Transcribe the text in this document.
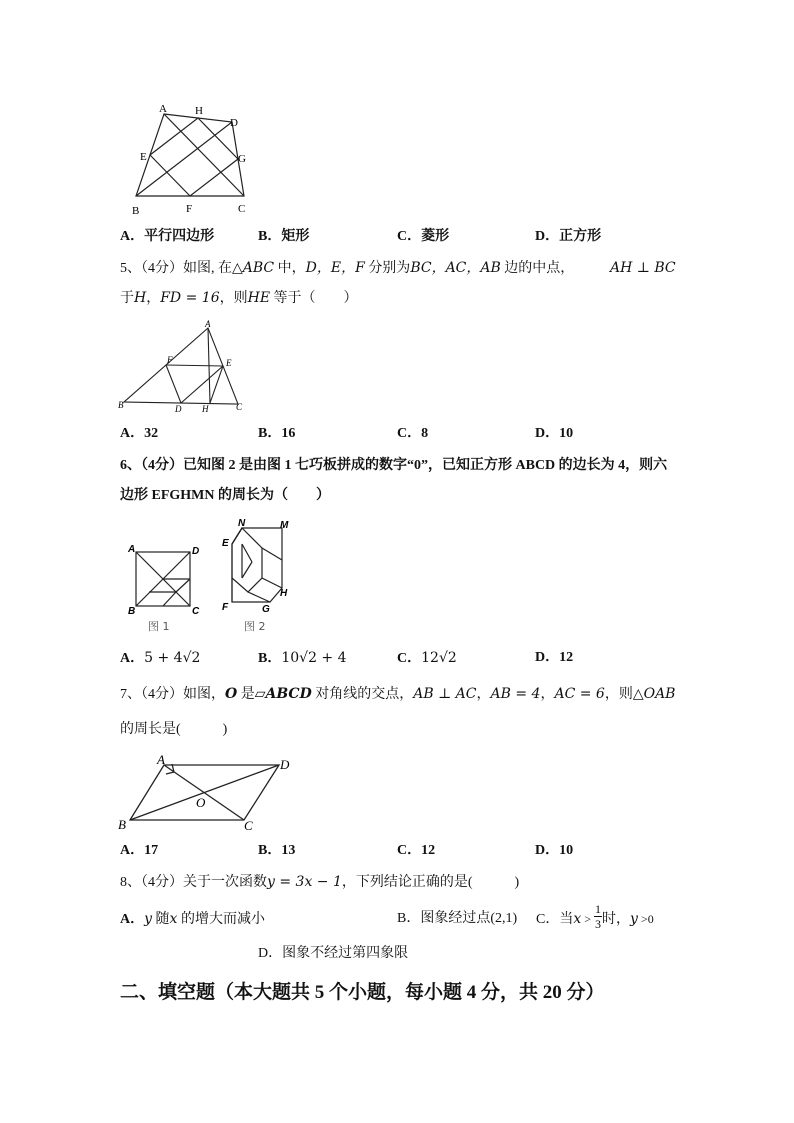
A	H
D
E	G
B	F	C
A．平行四边形	B．矩形	C．菱形	D．正方形
5、（4分）如图, 在△ABC 中，D，E，F 分别为BC，AC，AB 边的中点，	AH ⊥ BC
于H，FD = 16，则HE 等于（　　）
A
F	E
B	D H	C
A．32	B．16	C．8	D．10
6、（4分）已知图 2 是由图 1 七巧板拼成的数字“0”，已知正方形 ABCD 的边长为 4，则六
边形 EFGHMN 的周长为（　　）
A	D
B	C
图 1
N	M
E
F	G
H
图 2
A．5 + 4√2	B．10√2 + 4	C．12√2	D．12
7、（4分）如图，O 是▱ABCD 对角线的交点，AB ⊥ AC，AB = 4，AC = 6，则△OAB
的周长是(　　　)
A	D
O
B	C
A．17	B．13	C．12	D．10
8、（4分）关于一次函数y = 3x − 1，下列结论正确的是(　　　)
A．y 随x 的增大而减小	B．图象经过点(2,1) C．当$x > \frac{1}{3}$ 时，y >0
D．图象不经过第四象限
二、填空题（本大题共 5 个小题，每小题 4 分，共 20 分）
